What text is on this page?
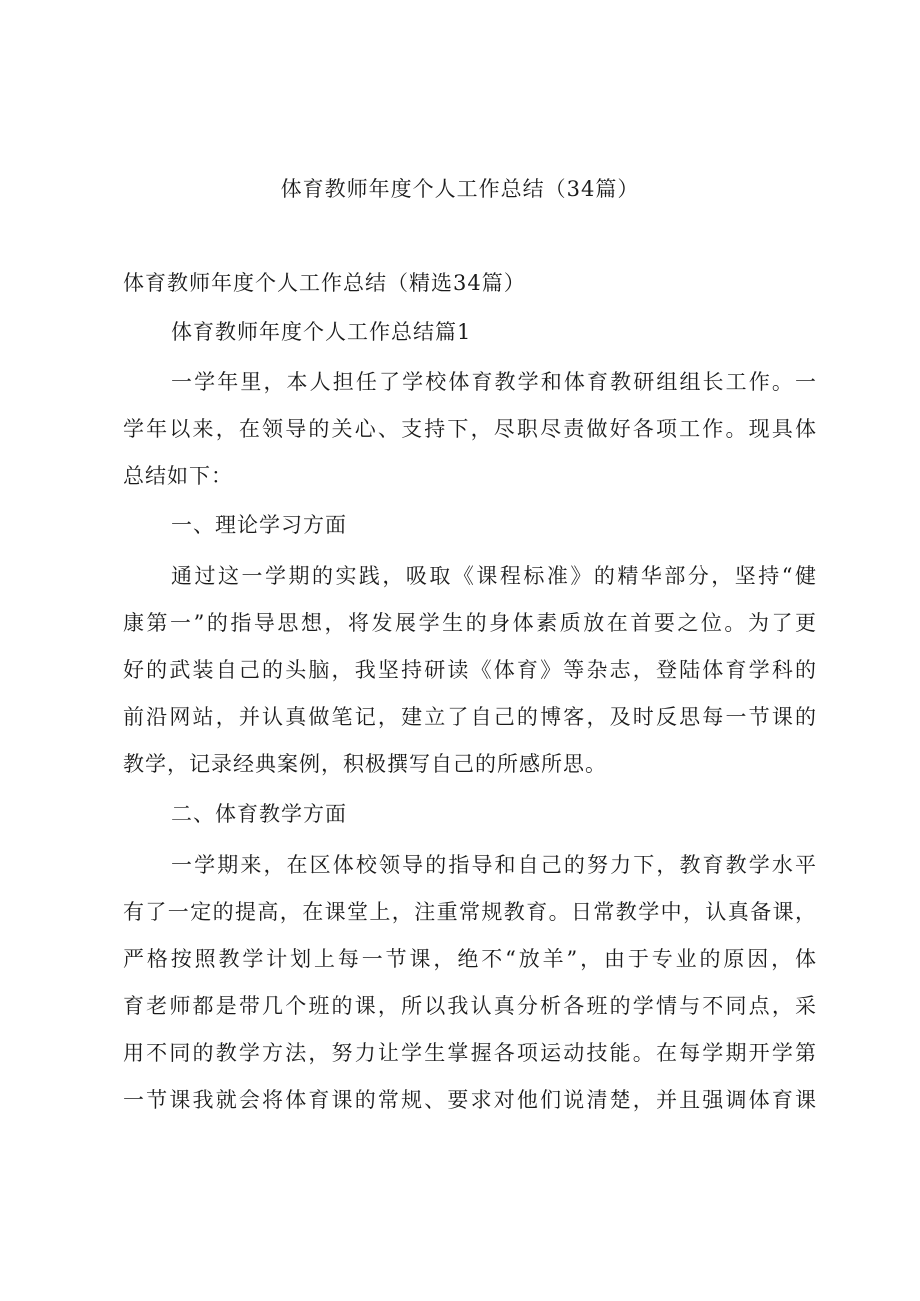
体育教师年度个人工作总结（34篇）

体育教师年度个人工作总结（精选34篇）

体育教师年度个人工作总结篇1

一学年里，本人担任了学校体育教学和体育教研组组长工作。一
学年以来，在领导的关心、支持下，尽职尽责做好各项工作。现具体
总结如下：

一、理论学习方面

通过这一学期的实践，吸取《课程标准》的精华部分，坚持“健
康第一”的指导思想，将发展学生的身体素质放在首要之位。为了更
好的武装自己的头脑，我坚持研读《体育》等杂志，登陆体育学科的
前沿网站，并认真做笔记，建立了自己的博客，及时反思每一节课的
教学，记录经典案例，积极撰写自己的所感所思。

二、体育教学方面

一学期来，在区体校领导的指导和自己的努力下，教育教学水平
有了一定的提高，在课堂上，注重常规教育。日常教学中，认真备课，
严格按照教学计划上每一节课，绝不“放羊”，由于专业的原因，体
育老师都是带几个班的课，所以我认真分析各班的学情与不同点，采
用不同的教学方法，努力让学生掌握各项运动技能。在每学期开学第
一节课我就会将体育课的常规、要求对他们说清楚，并且强调体育课
